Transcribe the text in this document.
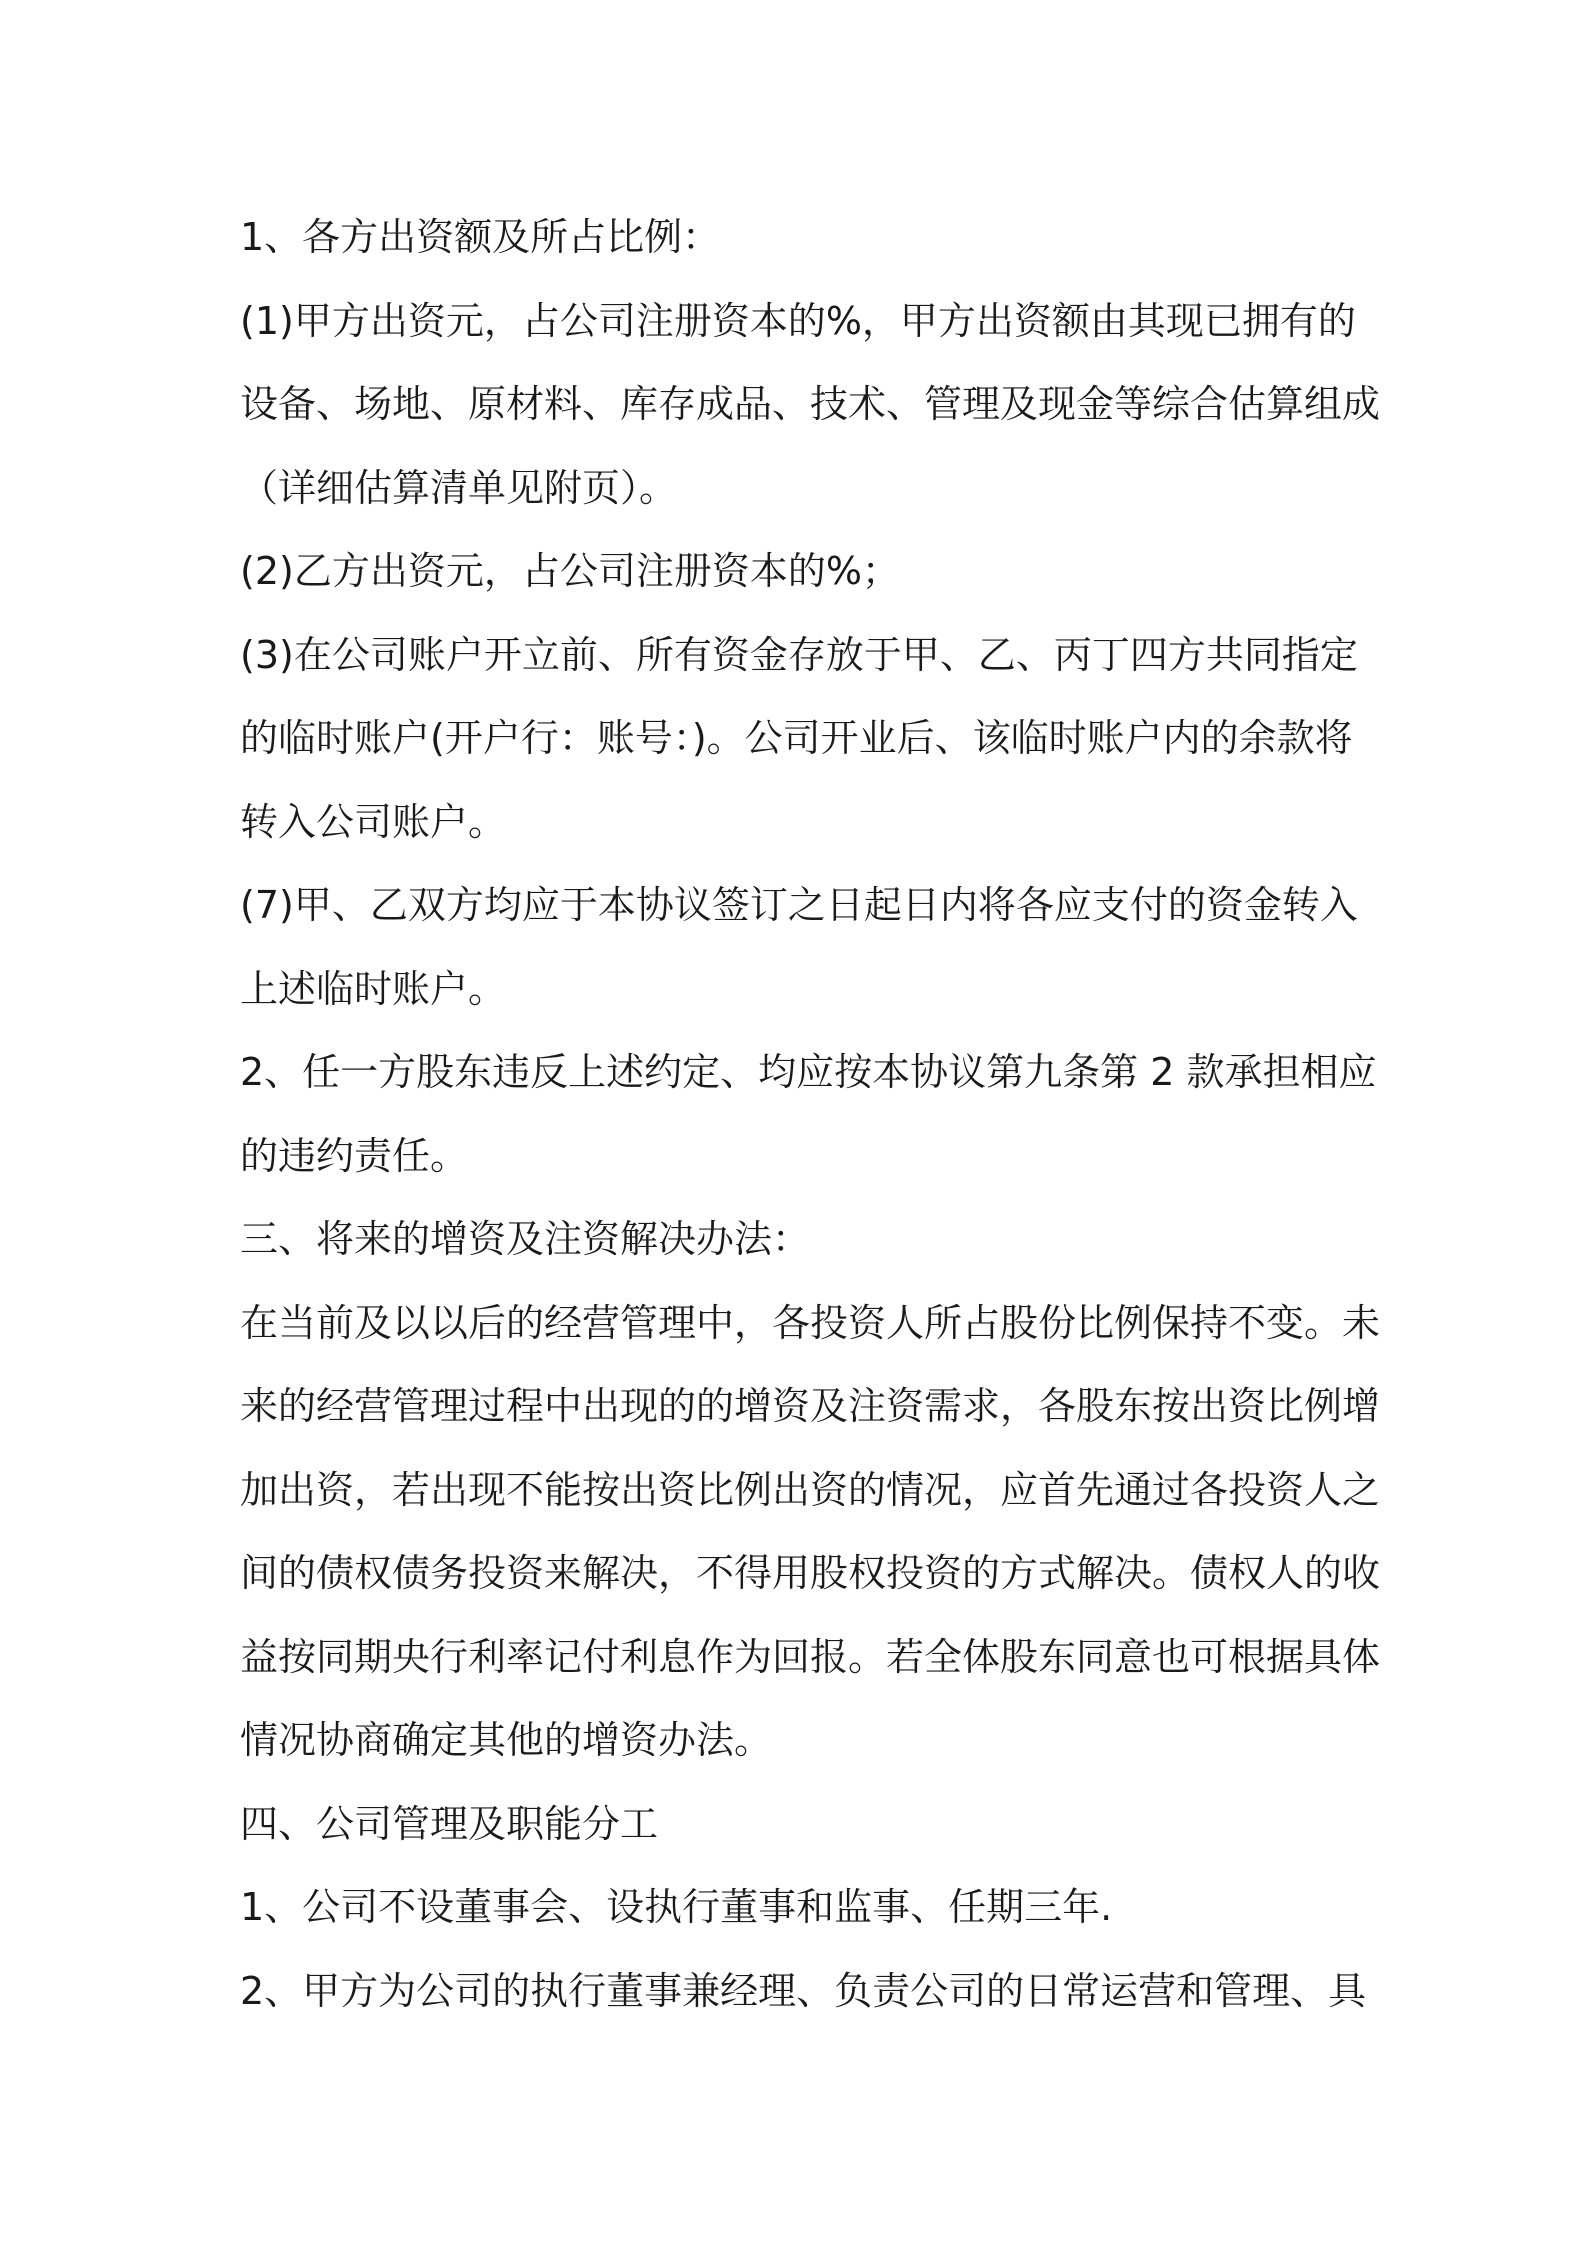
1、各方出资额及所占比例：
(1)甲方出资元，占公司注册资本的%，甲方出资额由其现已拥有的
设备、场地、原材料、库存成品、技术、管理及现金等综合估算组成
（详细估算清单见附页）。
(2)乙方出资元，占公司注册资本的%；
(3)在公司账户开立前、所有资金存放于甲、乙、丙丁四方共同指定
的临时账户(开户行：账号：)。公司开业后、该临时账户内的余款将
转入公司账户。
(7)甲、乙双方均应于本协议签订之日起日内将各应支付的资金转入
上述临时账户。
2、任一方股东违反上述约定、均应按本协议第九条第 2 款承担相应
的违约责任。
三、将来的增资及注资解决办法：
在当前及以以后的经营管理中，各投资人所占股份比例保持不变。未
来的经营管理过程中出现的的增资及注资需求，各股东按出资比例增
加出资，若出现不能按出资比例出资的情况，应首先通过各投资人之
间的债权债务投资来解决，不得用股权投资的方式解决。债权人的收
益按同期央行利率记付利息作为回报。若全体股东同意也可根据具体
情况协商确定其他的增资办法。
四、公司管理及职能分工
1、公司不设董事会、设执行董事和监事、任期三年.
2、甲方为公司的执行董事兼经理、负责公司的日常运营和管理、具
